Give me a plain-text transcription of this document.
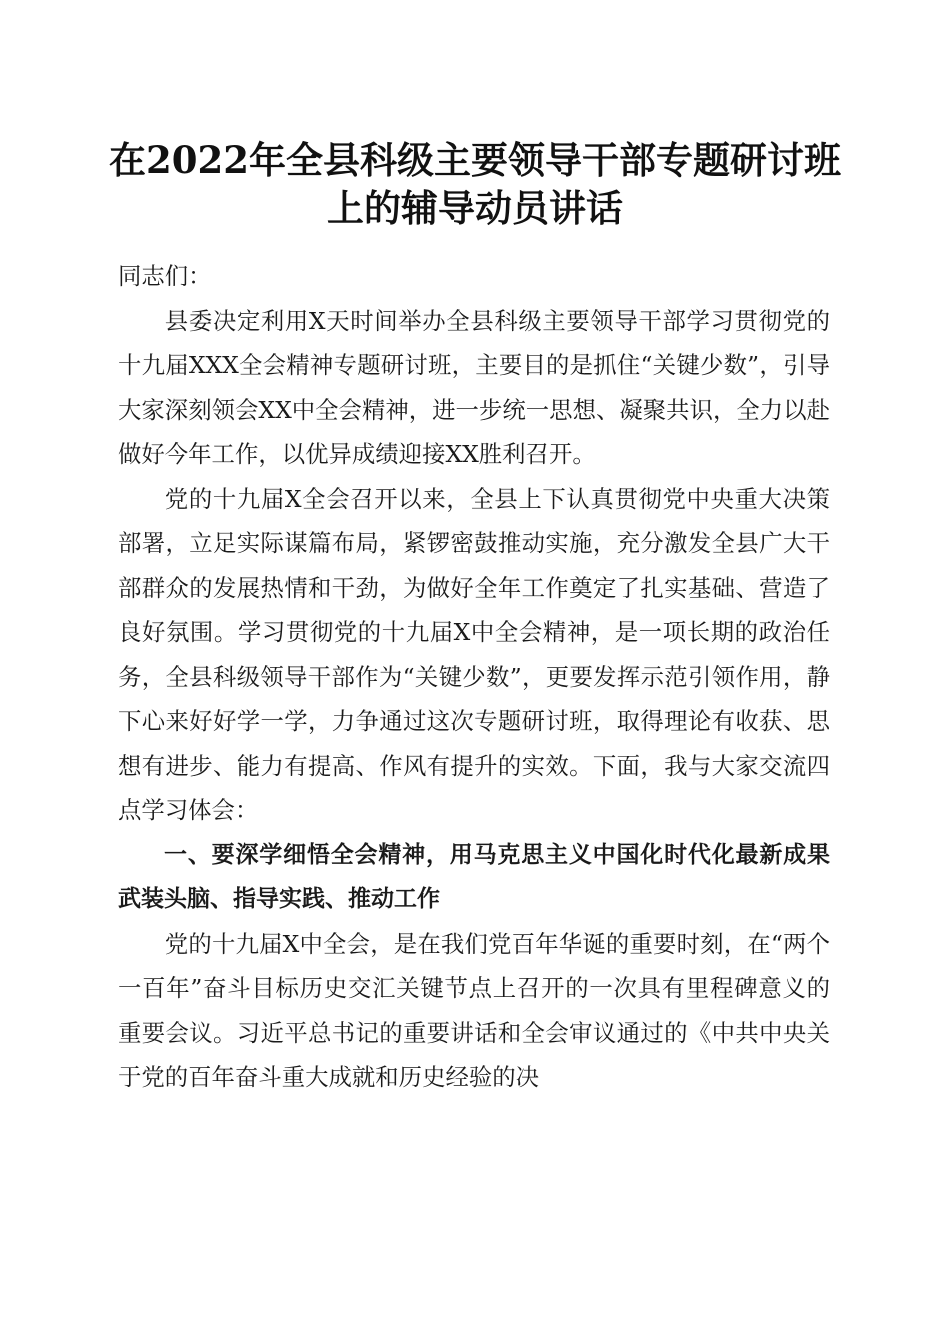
在2022年全县科级主要领导干部专题研讨班上的辅导动员讲话

同志们：

县委决定利用X天时间举办全县科级主要领导干部学习贯彻党的十九届XXX全会精神专题研讨班，主要目的是抓住“关键少数”，引导大家深刻领会XX中全会精神，进一步统一思想、凝聚共识，全力以赴做好今年工作，以优异成绩迎接XX胜利召开。

党的十九届X全会召开以来，全县上下认真贯彻党中央重大决策部署，立足实际谋篇布局，紧锣密鼓推动实施，充分激发全县广大干部群众的发展热情和干劲，为做好全年工作奠定了扎实基础、营造了良好氛围。学习贯彻党的十九届X中全会精神，是一项长期的政治任务，全县科级领导干部作为“关键少数”，更要发挥示范引领作用，静下心来好好学一学，力争通过这次专题研讨班，取得理论有收获、思想有进步、能力有提高、作风有提升的实效。下面，我与大家交流四点学习体会：

一、要深学细悟全会精神，用马克思主义中国化时代化最新成果武装头脑、指导实践、推动工作

党的十九届X中全会，是在我们党百年华诞的重要时刻，在“两个一百年”奋斗目标历史交汇关键节点上召开的一次具有里程碑意义的重要会议。习近平总书记的重要讲话和全会审议通过的《中共中央关于党的百年奋斗重大成就和历史经验的决
